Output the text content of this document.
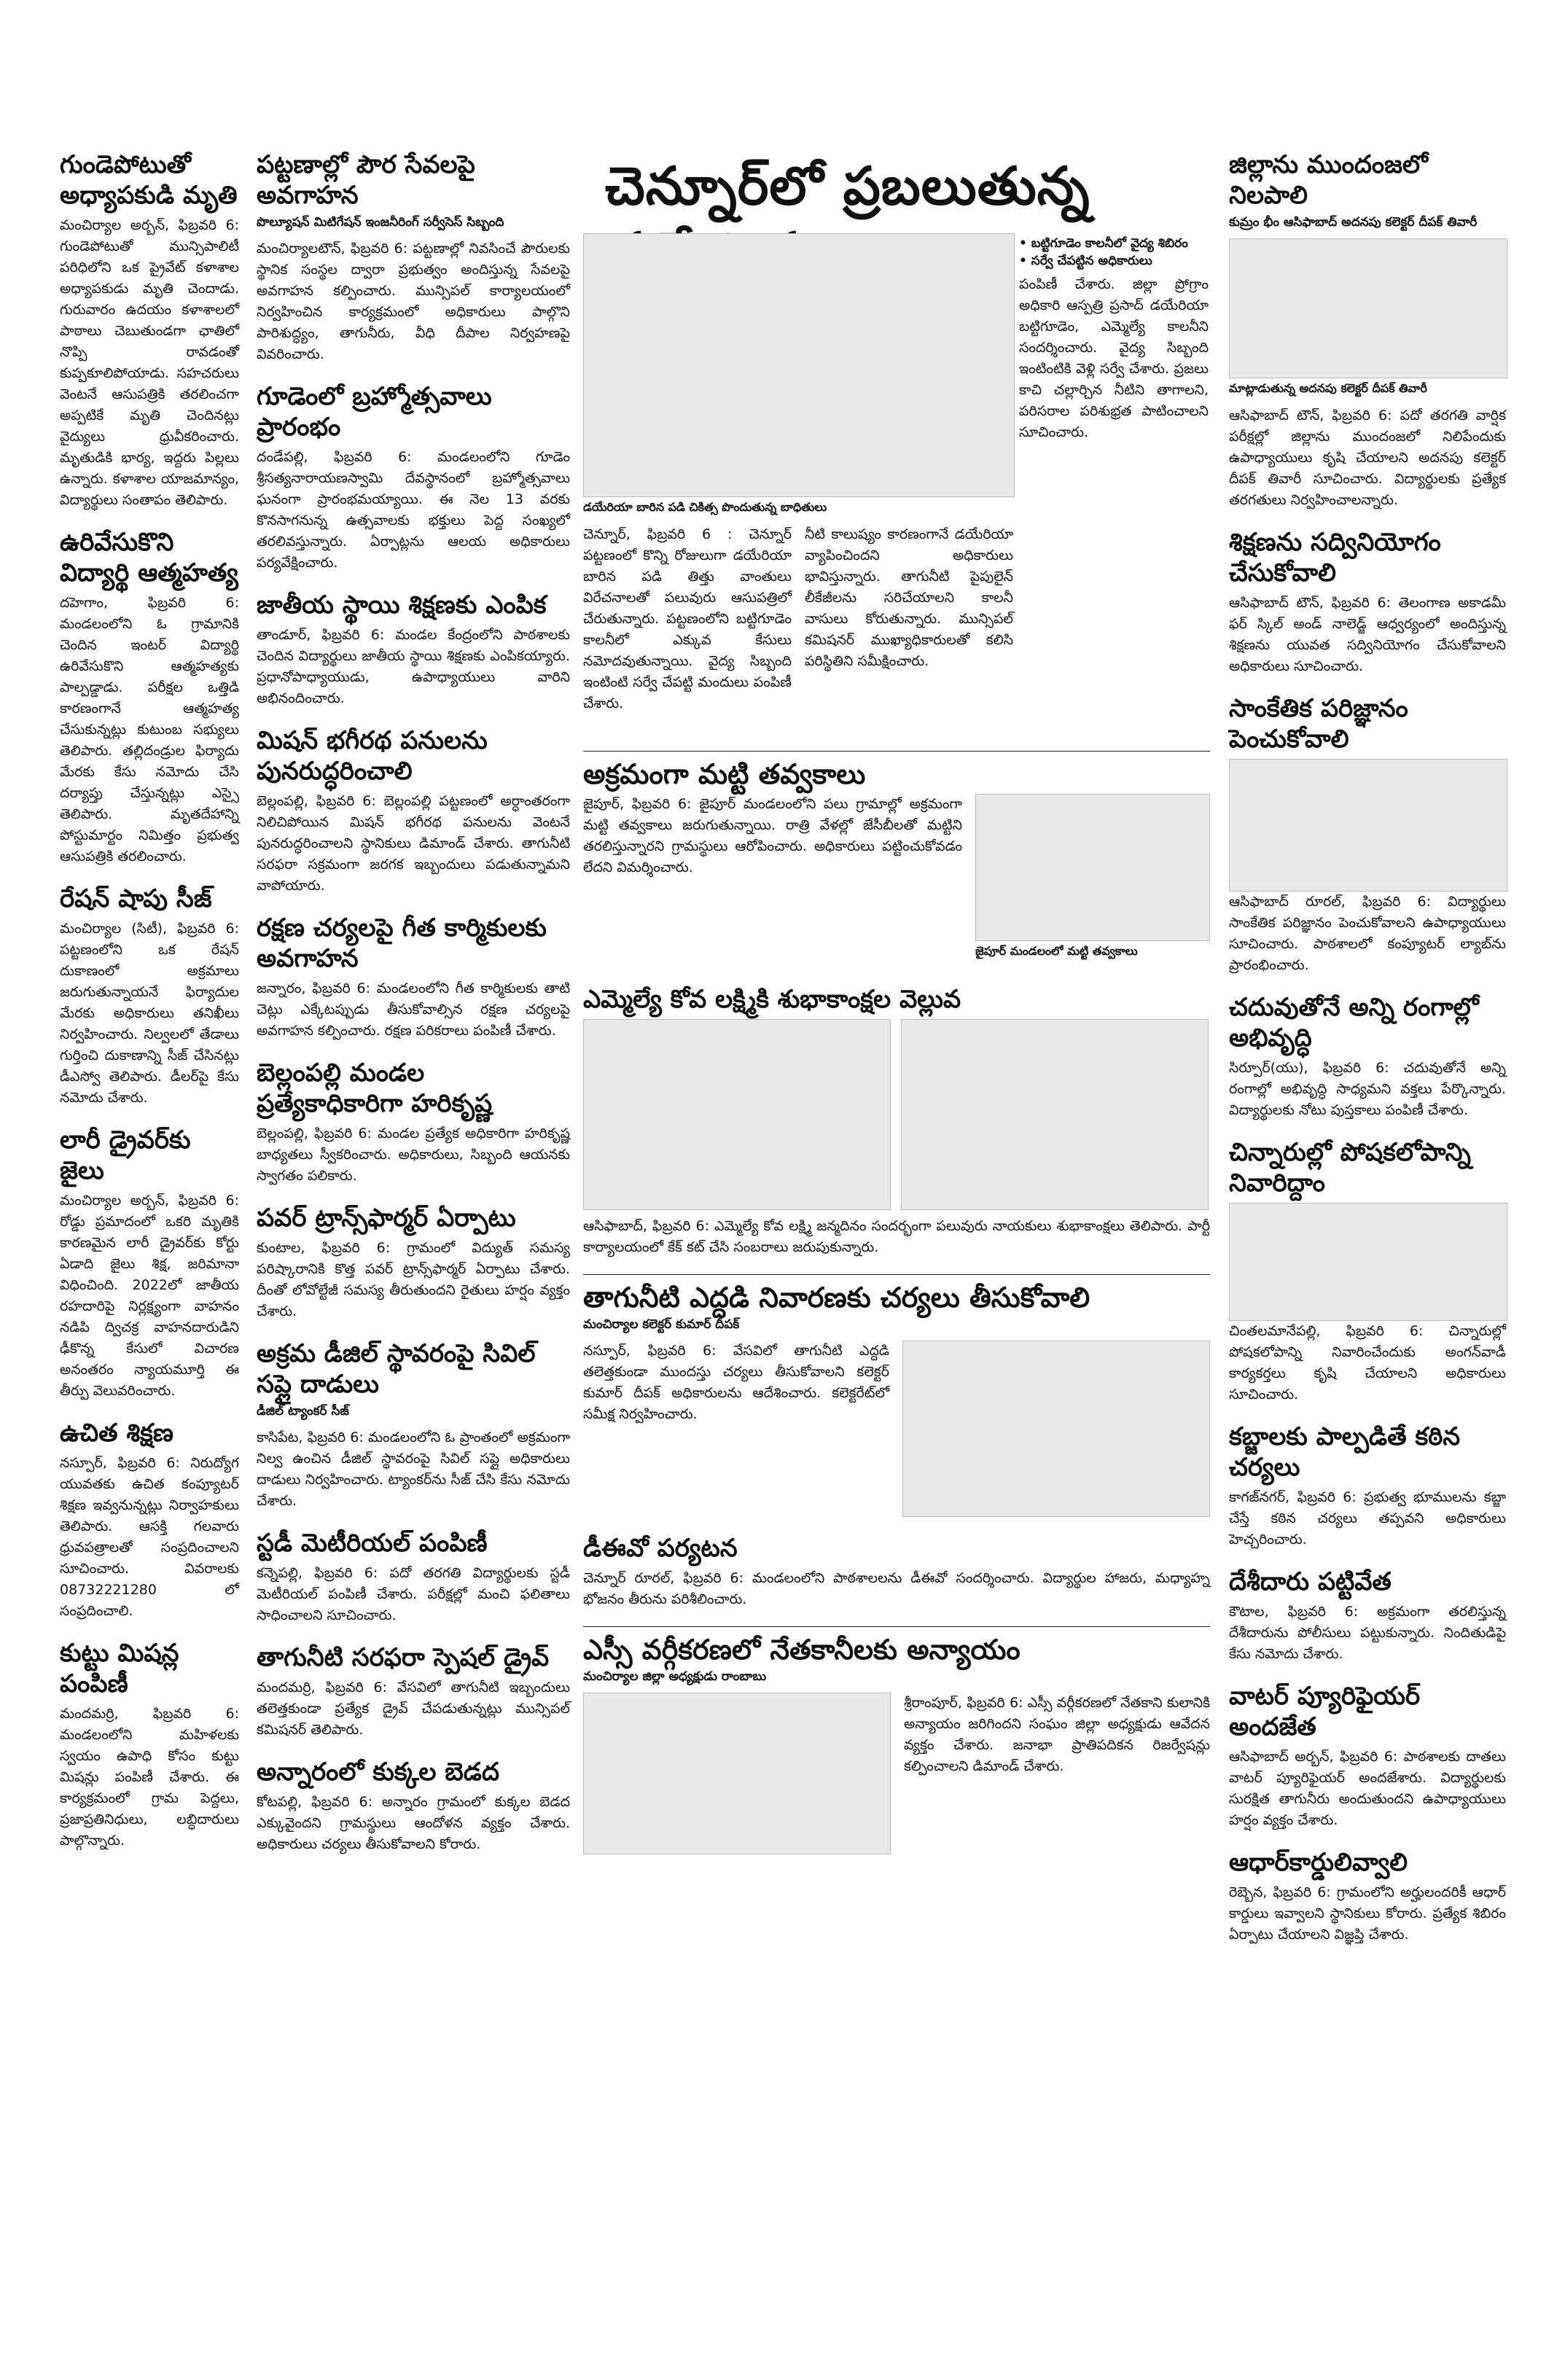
గుండెపోటుతో అధ్యాపకుడి మృతి

మంచిర్యాల అర్బన్, ఫిబ్రవరి 6: గుండెపోటుతో మున్సిపాలిటీ పరిధిలోని ఒక ప్రైవేట్ కళాశాల అధ్యాపకుడు మృతి చెందాడు. గురువారం ఉదయం కళాశాలలో పాఠాలు చెబుతుండగా ఛాతిలో నొప్పి రావడంతో కుప్పకూలిపోయాడు. సహచరులు వెంటనే ఆసుపత్రికి తరలించగా అప్పటికే మృతి చెందినట్లు వైద్యులు ధ్రువీకరించారు. మృతుడికి భార్య, ఇద్దరు పిల్లలు ఉన్నారు. కళాశాల యాజమాన్యం, విద్యార్థులు సంతాపం తెలిపారు.

ఉరివేసుకొని విద్యార్థి ఆత్మహత్య

దహెగాం, ఫిబ్రవరి 6: మండలంలోని ఓ గ్రామానికి చెందిన ఇంటర్ విద్యార్థి ఉరివేసుకొని ఆత్మహత్యకు పాల్పడ్డాడు. పరీక్షల ఒత్తిడి కారణంగానే ఆత్మహత్య చేసుకున్నట్లు కుటుంబ సభ్యులు తెలిపారు. తల్లిదండ్రుల ఫిర్యాదు మేరకు కేసు నమోదు చేసి దర్యాప్తు చేస్తున్నట్లు ఎస్సై తెలిపారు. మృతదేహాన్ని పోస్టుమార్టం నిమిత్తం ప్రభుత్వ ఆసుపత్రికి తరలించారు.

రేషన్ షాపు సీజ్

మంచిర్యాల (సిటీ), ఫిబ్రవరి 6: పట్టణంలోని ఒక రేషన్ దుకాణంలో అక్రమాలు జరుగుతున్నాయనే ఫిర్యాదుల మేరకు అధికారులు తనిఖీలు నిర్వహించారు. నిల్వలలో తేడాలు గుర్తించి దుకాణాన్ని సీజ్ చేసినట్లు డీఎస్వో తెలిపారు. డీలర్‌పై కేసు నమోదు చేశారు.

లారీ డ్రైవర్‌కు జైలు

మంచిర్యాల అర్బన్, ఫిబ్రవరి 6: రోడ్డు ప్రమాదంలో ఒకరి మృతికి కారణమైన లారీ డ్రైవర్‌కు కోర్టు ఏడాది జైలు శిక్ష, జరిమానా విధించింది. 2022లో జాతీయ రహదారిపై నిర్లక్ష్యంగా వాహనం నడిపి ద్విచక్ర వాహనదారుడిని ఢీకొన్న కేసులో విచారణ అనంతరం న్యాయమూర్తి ఈ తీర్పు వెలువరించారు.

ఉచిత శిక్షణ

నస్పూర్, ఫిబ్రవరి 6: నిరుద్యోగ యువతకు ఉచిత కంప్యూటర్ శిక్షణ ఇవ్వనున్నట్లు నిర్వాహకులు తెలిపారు. ఆసక్తి గలవారు ధ్రువపత్రాలతో సంప్రదించాలని సూచించారు. వివరాలకు 08732221280 లో సంప్రదించాలి.

కుట్టు మిషన్ల పంపిణీ

మందమర్రి, ఫిబ్రవరి 6: మండలంలోని మహిళలకు స్వయం ఉపాధి కోసం కుట్టు మిషన్లు పంపిణీ చేశారు. ఈ కార్యక్రమంలో గ్రామ పెద్దలు, ప్రజాప్రతినిధులు, లబ్ధిదారులు పాల్గొన్నారు.

పట్టణాల్లో పౌర సేవలపై అవగాహన
పొల్యూషన్ మిటిగేషన్ ఇంజనీరింగ్ సర్వీసెస్ సిబ్బంది

మంచిర్యాలటౌన్, ఫిబ్రవరి 6: పట్టణాల్లో నివసించే పౌరులకు స్థానిక సంస్థల ద్వారా ప్రభుత్వం అందిస్తున్న సేవలపై అవగాహన కల్పించారు. మున్సిపల్ కార్యాలయంలో నిర్వహించిన కార్యక్రమంలో అధికారులు పాల్గొని పారిశుద్ధ్యం, తాగునీరు, వీధి దీపాల నిర్వహణపై వివరించారు.

గూడెంలో బ్రహ్మోత్సవాలు ప్రారంభం

దండేపల్లి, ఫిబ్రవరి 6: మండలంలోని గూడెం శ్రీసత్యనారాయణస్వామి దేవస్థానంలో బ్రహ్మోత్సవాలు ఘనంగా ప్రారంభమయ్యాయి. ఈ నెల 13 వరకు కొనసాగనున్న ఉత్సవాలకు భక్తులు పెద్ద సంఖ్యలో తరలివస్తున్నారు. ఏర్పాట్లను ఆలయ అధికారులు పర్యవేక్షించారు.

జాతీయ స్థాయి శిక్షణకు ఎంపిక

తాండూర్, ఫిబ్రవరి 6: మండల కేంద్రంలోని పాఠశాలకు చెందిన విద్యార్థులు జాతీయ స్థాయి శిక్షణకు ఎంపికయ్యారు. ప్రధానోపాధ్యాయుడు, ఉపాధ్యాయులు వారిని అభినందించారు.

మిషన్ భగీరథ పనులను పునరుద్ధరించాలి

బెల్లంపల్లి, ఫిబ్రవరి 6: బెల్లంపల్లి పట్టణంలో అర్ధాంతరంగా నిలిచిపోయిన మిషన్ భగీరథ పనులను వెంటనే పునరుద్ధరించాలని స్థానికులు డిమాండ్ చేశారు. తాగునీటి సరఫరా సక్రమంగా జరగక ఇబ్బందులు పడుతున్నామని వాపోయారు.

రక్షణ చర్యలపై గీత కార్మికులకు అవగాహన

జన్నారం, ఫిబ్రవరి 6: మండలంలోని గీత కార్మికులకు తాటి చెట్లు ఎక్కేటప్పుడు తీసుకోవాల్సిన రక్షణ చర్యలపై అవగాహన కల్పించారు. రక్షణ పరికరాలు పంపిణీ చేశారు.

బెల్లంపల్లి మండల ప్రత్యేకాధికారిగా హరికృష్ణ

బెల్లంపల్లి, ఫిబ్రవరి 6: మండల ప్రత్యేక అధికారిగా హరికృష్ణ బాధ్యతలు స్వీకరించారు. అధికారులు, సిబ్బంది ఆయనకు స్వాగతం పలికారు.

పవర్ ట్రాన్స్‌ఫార్మర్ ఏర్పాటు

కుంటాల, ఫిబ్రవరి 6: గ్రామంలో విద్యుత్ సమస్య పరిష్కారానికి కొత్త పవర్ ట్రాన్స్‌ఫార్మర్ ఏర్పాటు చేశారు. దీంతో లోవోల్టేజీ సమస్య తీరుతుందని రైతులు హర్షం వ్యక్తం చేశారు.

అక్రమ డీజిల్ స్థావరంపై సివిల్ సప్లై దాడులు
డీజిల్ ట్యాంకర్ సీజ్

కాసిపేట, ఫిబ్రవరి 6: మండలంలోని ఓ ప్రాంతంలో అక్రమంగా నిల్వ ఉంచిన డీజిల్ స్థావరంపై సివిల్ సప్లై అధికారులు దాడులు నిర్వహించారు. ట్యాంకర్‌ను సీజ్ చేసి కేసు నమోదు చేశారు.

స్టడీ మెటీరియల్ పంపిణీ

కన్నెపల్లి, ఫిబ్రవరి 6: పదో తరగతి విద్యార్థులకు స్టడీ మెటీరియల్ పంపిణీ చేశారు. పరీక్షల్లో మంచి ఫలితాలు సాధించాలని సూచించారు.

తాగునీటి సరఫరా స్పెషల్ డ్రైవ్

మందమర్రి, ఫిబ్రవరి 6: వేసవిలో తాగునీటి ఇబ్బందులు తలెత్తకుండా ప్రత్యేక డ్రైవ్ చేపడుతున్నట్లు మున్సిపల్ కమిషనర్ తెలిపారు.

అన్నారంలో కుక్కల బెడద

కోటపల్లి, ఫిబ్రవరి 6: అన్నారం గ్రామంలో కుక్కల బెడద ఎక్కువైందని గ్రామస్థులు ఆందోళన వ్యక్తం చేశారు. అధికారులు చర్యలు తీసుకోవాలని కోరారు.

చెన్నూర్‌లో ప్రబలుతున్న
డయేరియా బారిన పడి చికిత్స పొందుతున్న బాధితులు

చెన్నూర్, ఫిబ్రవరి 6 : చెన్నూర్ పట్టణంలో కొన్ని రోజులుగా డయేరియా బారిన పడి తిత్తు వాంతులు విరేచనాలతో పలువురు ఆసుపత్రిలో చేరుతున్నారు. పట్టణంలోని బట్టిగూడెం కాలనీలో ఎక్కువ కేసులు నమోదవుతున్నాయి. వైద్య సిబ్బంది ఇంటింటి సర్వే చేపట్టి మందులు పంపిణీ చేశారు.

నీటి కాలుష్యం కారణంగానే డయేరియా వ్యాపించిందని అధికారులు భావిస్తున్నారు. తాగునీటి పైపులైన్ లీకేజీలను సరిచేయాలని కాలనీ వాసులు కోరుతున్నారు. మున్సిపల్ కమిషనర్ ముఖ్యాధికారులతో కలిసి పరిస్థితిని సమీక్షించారు.

• బట్టిగూడెం కాలనీలో వైద్య శిబిరం
• సర్వే చేపట్టిన అధికారులు

పంపిణీ చేశారు. జిల్లా ప్రోగ్రాం అధికారి ఆస్పత్రి ప్రసాద్ డయేరియా బట్టిగూడెం, ఎమ్మెల్యే కాలనీని సందర్శించారు. వైద్య సిబ్బంది ఇంటింటికి వెళ్లి సర్వే చేశారు. ప్రజలు కాచి చల్లార్చిన నీటిని తాగాలని, పరిసరాల పరిశుభ్రత పాటించాలని సూచించారు.

అక్రమంగా మట్టి తవ్వకాలు

జైపూర్, ఫిబ్రవరి 6: జైపూర్ మండలంలోని పలు గ్రామాల్లో అక్రమంగా మట్టి తవ్వకాలు జరుగుతున్నాయి. రాత్రి వేళల్లో జేసీబీలతో మట్టిని తరలిస్తున్నారని గ్రామస్థులు ఆరోపించారు. అధికారులు పట్టించుకోవడం లేదని విమర్శించారు.

జైపూర్ మండలంలో మట్టి తవ్వకాలు
ఎమ్మెల్యే కోవ లక్ష్మికి శుభాకాంక్షల వెల్లువ

ఆసిఫాబాద్, ఫిబ్రవరి 6: ఎమ్మెల్యే కోవ లక్ష్మి జన్మదినం సందర్భంగా పలువురు నాయకులు శుభాకాంక్షలు తెలిపారు. పార్టీ కార్యాలయంలో కేక్ కట్ చేసి సంబరాలు జరుపుకున్నారు.

తాగునీటి ఎద్దడి నివారణకు చర్యలు తీసుకోవాలి
మంచిర్యాల కలెక్టర్ కుమార్ దీపక్

నస్పూర్, ఫిబ్రవరి 6: వేసవిలో తాగునీటి ఎద్దడి తలెత్తకుండా ముందస్తు చర్యలు తీసుకోవాలని కలెక్టర్ కుమార్ దీపక్ అధికారులను ఆదేశించారు. కలెక్టరేట్‌లో సమీక్ష నిర్వహించారు.

డీఈవో పర్యటన

చెన్నూర్ రూరల్, ఫిబ్రవరి 6: మండలంలోని పాఠశాలలను డీఈవో సందర్శించారు. విద్యార్థుల హాజరు, మధ్యాహ్న భోజనం తీరును పరిశీలించారు.

ఎస్సీ వర్గీకరణలో నేతకానీలకు అన్యాయం
మంచిర్యాల జిల్లా అధ్యక్షుడు రాంబాబు

శ్రీరాంపూర్, ఫిబ్రవరి 6: ఎస్సీ వర్గీకరణలో నేతకాని కులానికి అన్యాయం జరిగిందని సంఘం జిల్లా అధ్యక్షుడు ఆవేదన వ్యక్తం చేశారు. జనాభా ప్రాతిపదికన రిజర్వేషన్లు కల్పించాలని డిమాండ్ చేశారు.

జిల్లాను ముందంజలో నిలపాలి
కుమ్రం భీం ఆసిఫాబాద్ అదనపు కలెక్టర్ దీపక్ తివారీ
మాట్లాడుతున్న అదనపు కలెక్టర్ దీపక్ తివారీ

ఆసిఫాబాద్ టౌన్, ఫిబ్రవరి 6: పదో తరగతి వార్షిక పరీక్షల్లో జిల్లాను ముందంజలో నిలిపేందుకు ఉపాధ్యాయులు కృషి చేయాలని అదనపు కలెక్టర్ దీపక్ తివారీ సూచించారు. విద్యార్థులకు ప్రత్యేక తరగతులు నిర్వహించాలన్నారు.

శిక్షణను సద్వినియోగం చేసుకోవాలి

ఆసిఫాబాద్ టౌన్, ఫిబ్రవరి 6: తెలంగాణ అకాడమీ ఫర్ స్కిల్ అండ్ నాలెడ్జ్ ఆధ్వర్యంలో అందిస్తున్న శిక్షణను యువత సద్వినియోగం చేసుకోవాలని అధికారులు సూచించారు.

సాంకేతిక పరిజ్ఞానం పెంచుకోవాలి

ఆసిఫాబాద్ రూరల్, ఫిబ్రవరి 6: విద్యార్థులు సాంకేతిక పరిజ్ఞానం పెంచుకోవాలని ఉపాధ్యాయులు సూచించారు. పాఠశాలలో కంప్యూటర్ ల్యాబ్‌ను ప్రారంభించారు.

చదువుతోనే అన్ని రంగాల్లో అభివృద్ధి

సిర్పూర్(యు), ఫిబ్రవరి 6: చదువుతోనే అన్ని రంగాల్లో అభివృద్ధి సాధ్యమని వక్తలు పేర్కొన్నారు. విద్యార్థులకు నోటు పుస్తకాలు పంపిణీ చేశారు.

చిన్నారుల్లో పోషకలోపాన్ని నివారిద్దాం

చింతలమానేపల్లి, ఫిబ్రవరి 6: చిన్నారుల్లో పోషకలోపాన్ని నివారించేందుకు అంగన్‌వాడీ కార్యకర్తలు కృషి చేయాలని అధికారులు సూచించారు.

కబ్జాలకు పాల్పడితే కఠిన చర్యలు

కాగజ్‌నగర్, ఫిబ్రవరి 6: ప్రభుత్వ భూములను కబ్జా చేస్తే కఠిన చర్యలు తప్పవని అధికారులు హెచ్చరించారు.

దేశీదారు పట్టివేత

కౌటాల, ఫిబ్రవరి 6: అక్రమంగా తరలిస్తున్న దేశీదారును పోలీసులు పట్టుకున్నారు. నిందితుడిపై కేసు నమోదు చేశారు.

వాటర్ ప్యూరిఫైయర్ అందజేత

ఆసిఫాబాద్ అర్బన్, ఫిబ్రవరి 6: పాఠశాలకు దాతలు వాటర్ ప్యూరిఫైయర్ అందజేశారు. విద్యార్థులకు సురక్షిత తాగునీరు అందుతుందని ఉపాధ్యాయులు హర్షం వ్యక్తం చేశారు.

ఆధార్‌కార్డులివ్వాలి

రెబ్బెన, ఫిబ్రవరి 6: గ్రామంలోని అర్హులందరికీ ఆధార్ కార్డులు ఇవ్వాలని స్థానికులు కోరారు. ప్రత్యేక శిబిరం ఏర్పాటు చేయాలని విజ్ఞప్తి చేశారు.
